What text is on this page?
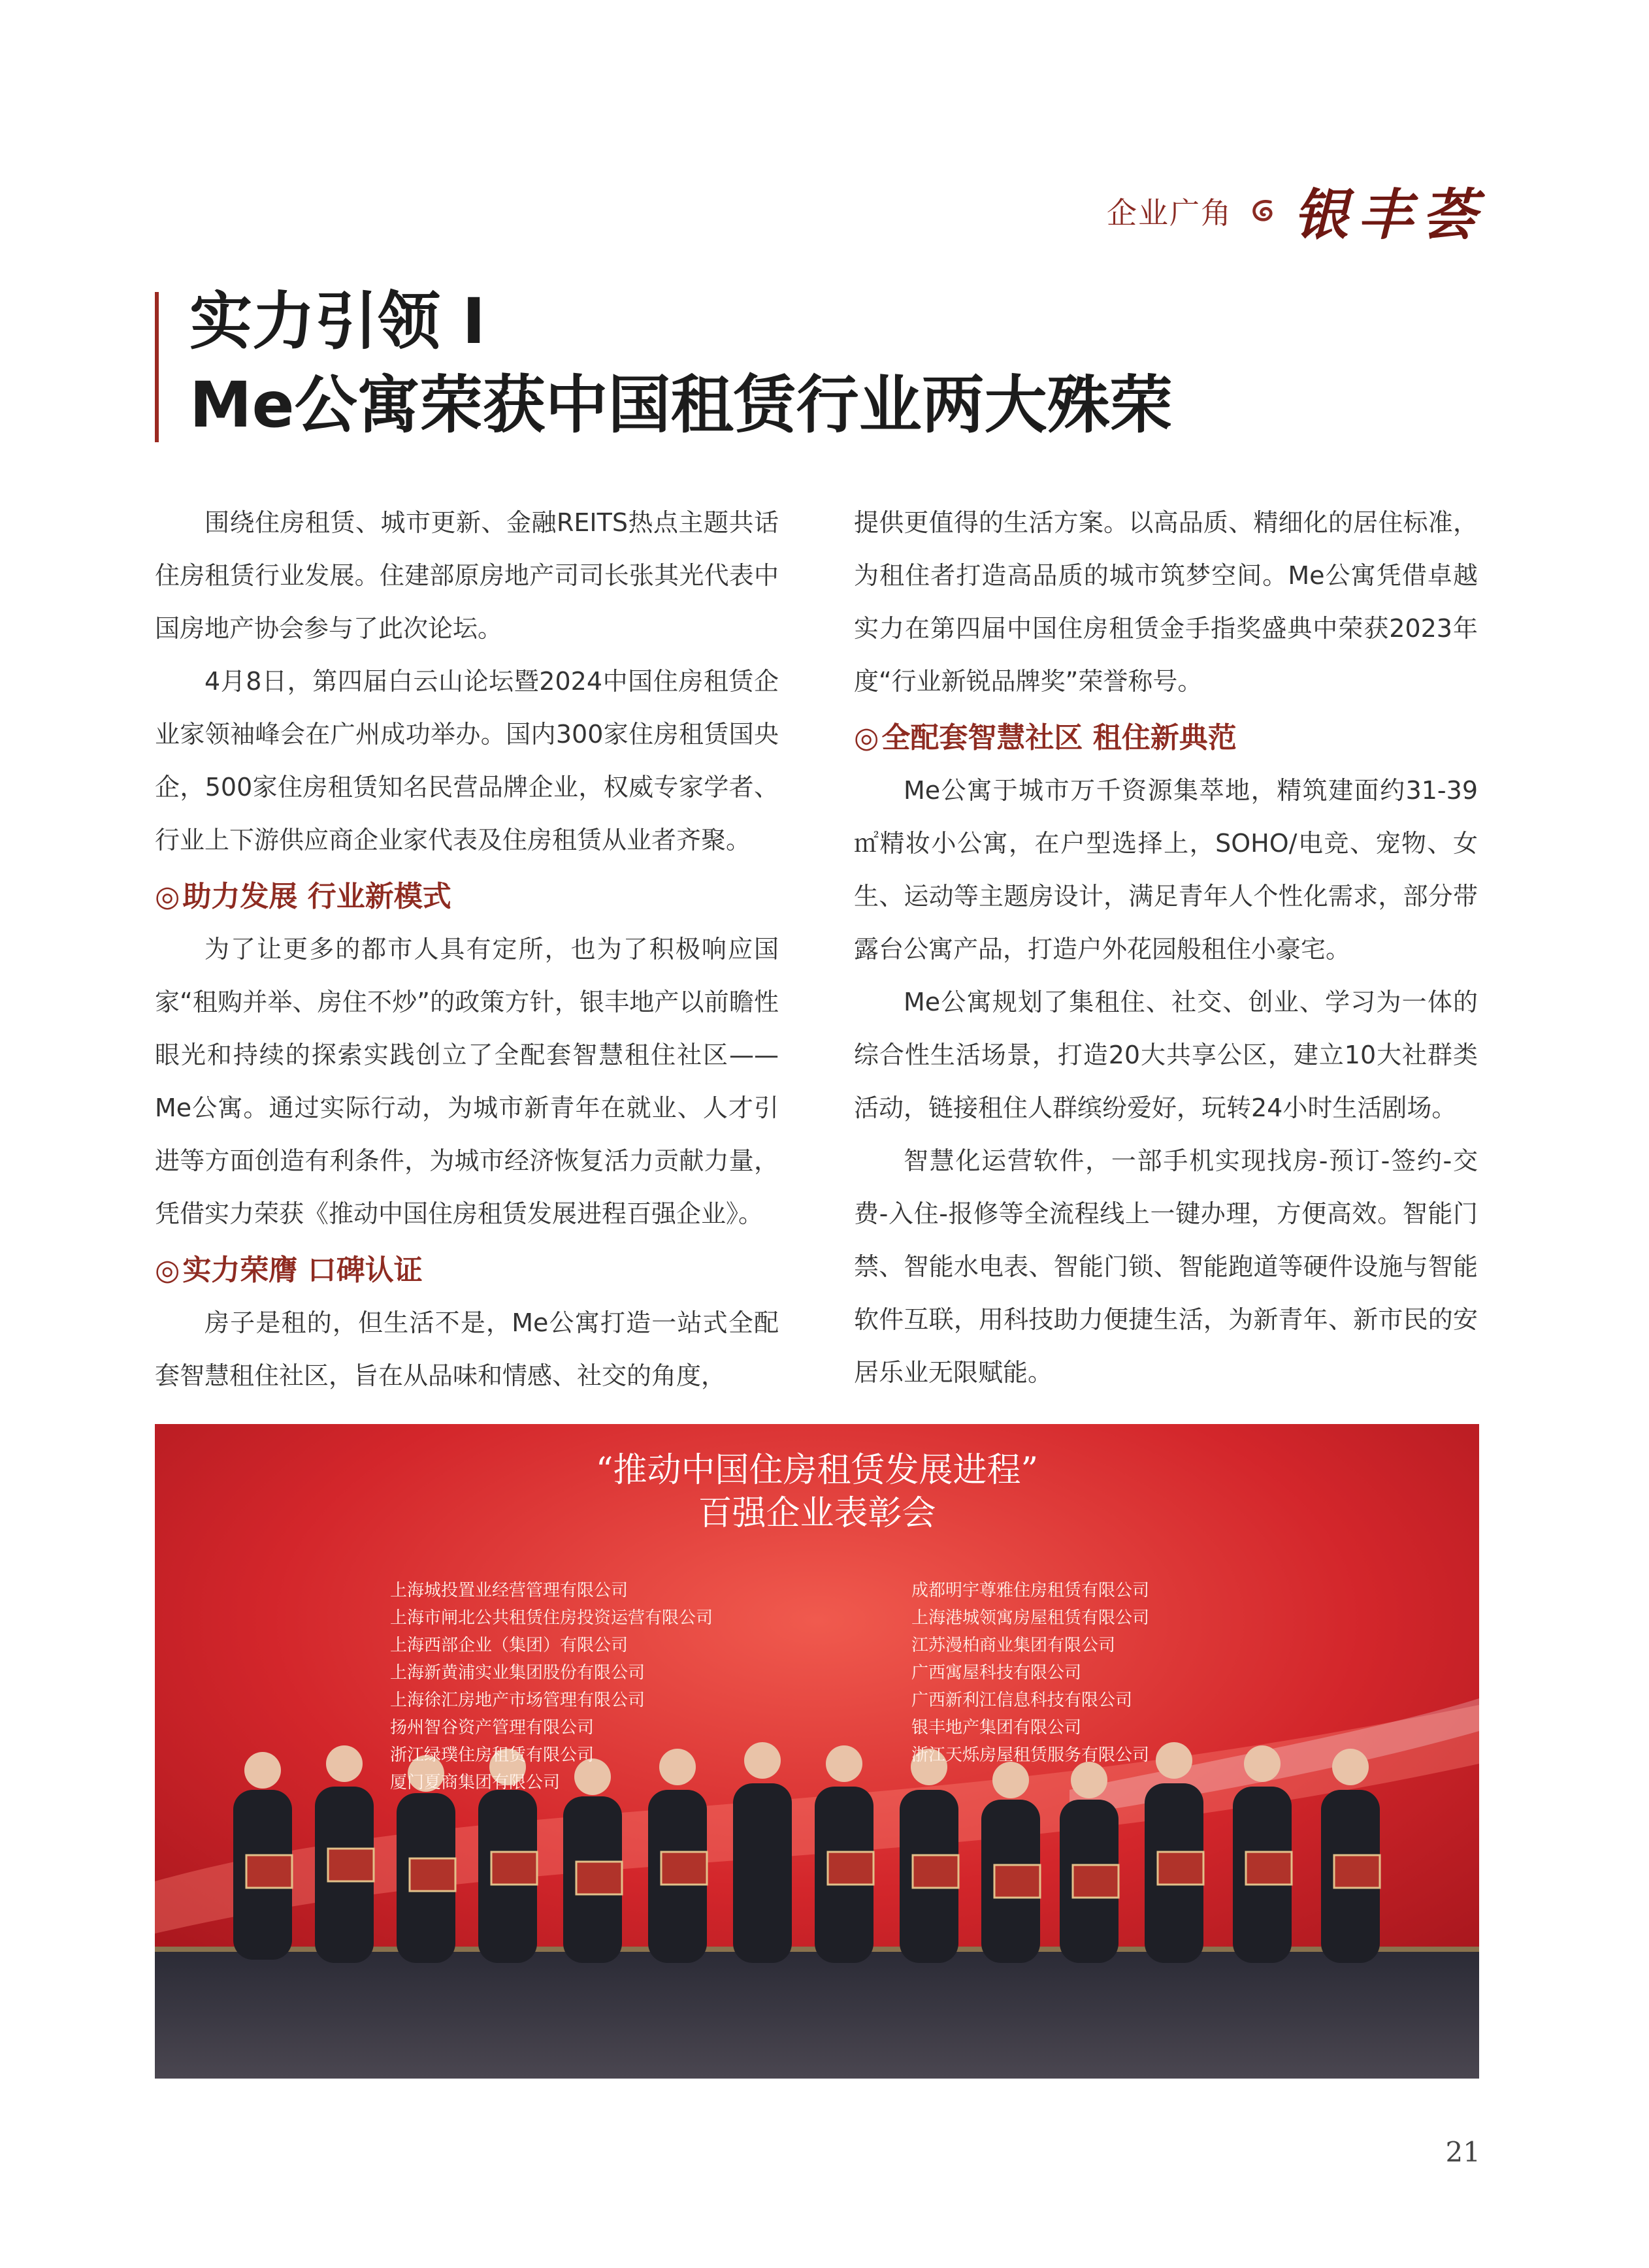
企业广角 银丰荟
实力引领 I
Me公寓荣获中国租赁行业两大殊荣

围绕住房租赁、城市更新、金融REITS热点主题共话住房租赁行业发展。住建部原房地产司司长张其光代表中国房地产协会参与了此次论坛。

4月8日，第四届白云山论坛暨2024中国住房租赁企业家领袖峰会在广州成功举办。国内300家住房租赁国央企，500家住房租赁知名民营品牌企业，权威专家学者、行业上下游供应商企业家代表及住房租赁从业者齐聚。

◎助力发展 行业新模式

为了让更多的都市人具有定所，也为了积极响应国家“租购并举、房住不炒”的政策方针，银丰地产以前瞻性眼光和持续的探索实践创立了全配套智慧租住社区——Me公寓。通过实际行动，为城市新青年在就业、人才引进等方面创造有利条件，为城市经济恢复活力贡献力量，凭借实力荣获《推动中国住房租赁发展进程百强企业》。

◎实力荣膺 口碑认证

房子是租的，但生活不是，Me公寓打造一站式全配套智慧租住社区，旨在从品味和情感、社交的角度，

提供更值得的生活方案。以高品质、精细化的居住标准，为租住者打造高品质的城市筑梦空间。Me公寓凭借卓越实力在第四届中国住房租赁金手指奖盛典中荣获2023年度“行业新锐品牌奖”荣誉称号。

◎全配套智慧社区 租住新典范

Me公寓于城市万千资源集萃地，精筑建面约31-39㎡精妆小公寓，在户型选择上，SOHO/电竞、宠物、女生、运动等主题房设计，满足青年人个性化需求，部分带露台公寓产品，打造户外花园般租住小豪宅。

Me公寓规划了集租住、社交、创业、学习为一体的综合性生活场景，打造20大共享公区，建立10大社群类活动，链接租住人群缤纷爱好，玩转24小时生活剧场。

智慧化运营软件，一部手机实现找房-预订-签约-交费-入住-报修等全流程线上一键办理，方便高效。智能门禁、智能水电表、智能门锁、智能跑道等硬件设施与智能软件互联，用科技助力便捷生活，为新青年、新市民的安居乐业无限赋能。

“推动中国住房租赁发展进程”
百强企业表彰会
上海城投置业经营管理有限公司
上海市闸北公共租赁住房投资运营有限公司
上海西部企业（集团）有限公司
上海新黄浦实业集团股份有限公司
上海徐汇房地产市场管理有限公司
扬州智谷资产管理有限公司
浙江绿璞住房租赁有限公司
厦门夏商集团有限公司
成都明宇尊雅住房租赁有限公司
上海港城领寓房屋租赁有限公司
江苏漫柏商业集团有限公司
广西寓屋科技有限公司
广西新利江信息科技有限公司
银丰地产集团有限公司
浙江天烁房屋租赁服务有限公司
21
